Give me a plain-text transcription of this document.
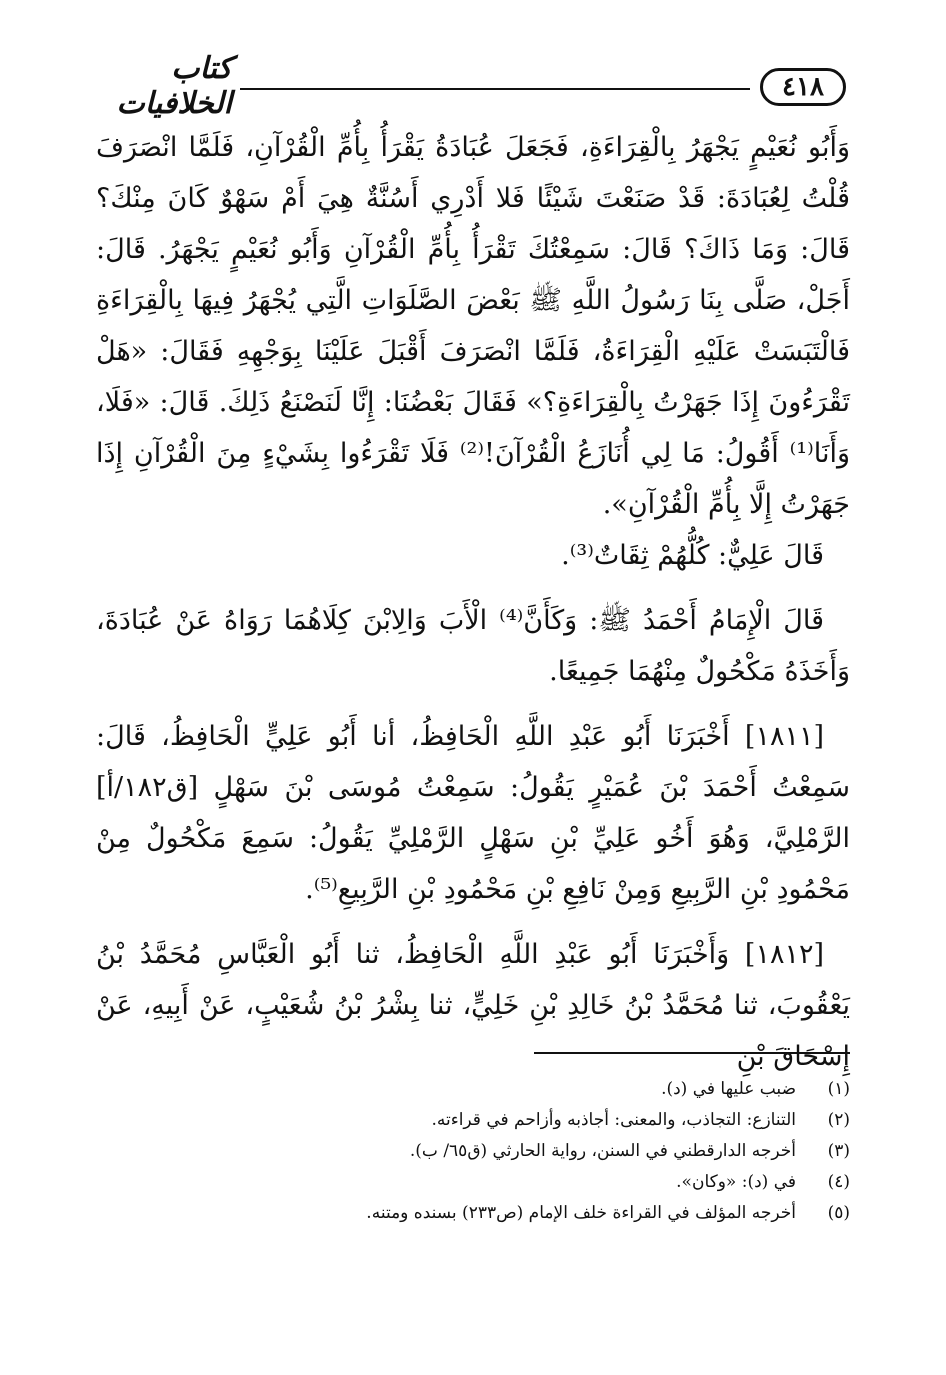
٤١٨
كتاب الخلافيات

وَأَبُو نُعَيْمٍ يَجْهَرُ بِالْقِرَاءَةِ، فَجَعَلَ عُبَادَةُ يَقْرَأُ بِأُمِّ الْقُرْآنِ، فَلَمَّا انْصَرَفَ قُلْتُ لِعُبَادَةَ: قَدْ صَنَعْتَ شَيْئًا فَلا أَدْرِي أَسُنَّةٌ هِيَ أَمْ سَهْوٌ كَانَ مِنْكَ؟ قَالَ: وَمَا ذَاكَ؟ قَالَ: سَمِعْتُكَ تَقْرَأُ بِأُمِّ الْقُرْآنِ وَأَبُو نُعَيْمٍ يَجْهَرُ. قَالَ: أَجَلْ، صَلَّى بِنَا رَسُولُ اللَّهِ ﷺ بَعْضَ الصَّلَوَاتِ الَّتِي يُجْهَرُ فِيهَا بِالْقِرَاءَةِ فَالْتَبَسَتْ عَلَيْهِ الْقِرَاءَةُ، فَلَمَّا انْصَرَفَ أَقْبَلَ عَلَيْنَا بِوَجْهِهِ فَقَالَ: «هَلْ تَقْرَءُونَ إِذَا جَهَرْتُ بِالْقِرَاءَةِ؟» فَقَالَ بَعْضُنَا: إِنَّا لَنَصْنَعُ ذَلِكَ. قَالَ: «فَلَا، وَأَنَا⁽¹⁾ أَقُولُ: مَا لِي أُنَازَعُ الْقُرْآنَ!⁽²⁾ فَلَا تَقْرَءُوا بِشَيْءٍ مِنَ الْقُرْآنِ إِذَا جَهَرْتُ إِلَّا بِأُمِّ الْقُرْآنِ».

قَالَ عَلِيٌّ: كُلُّهُمْ ثِقَاتٌ⁽³⁾.

قَالَ الْإِمَامُ أَحْمَدُ ﷺ: وَكَأَنَّ⁽⁴⁾ الْأَبَ وَالِابْنَ كِلَاهُمَا رَوَاهُ عَنْ عُبَادَةَ، وَأَخَذَهُ مَكْحُولٌ مِنْهُمَا جَمِيعًا.

[١٨١١] أَخْبَرَنَا أَبُو عَبْدِ اللَّهِ الْحَافِظُ، أنا أَبُو عَلِيٍّ الْحَافِظُ، قَالَ: سَمِعْتُ أَحْمَدَ بْنَ عُمَيْرٍ يَقُولُ: سَمِعْتُ مُوسَى بْنَ سَهْلٍ [ق١٨٢/أ] الرَّمْلِيَّ، وَهُوَ أَخُو عَلِيِّ بْنِ سَهْلٍ الرَّمْلِيِّ يَقُولُ: سَمِعَ مَكْحُولٌ مِنْ مَحْمُودِ بْنِ الرَّبِيعِ وَمِنْ نَافِعِ بْنِ مَحْمُودِ بْنِ الرَّبِيعِ⁽⁵⁾.

[١٨١٢] وَأَخْبَرَنَا أَبُو عَبْدِ اللَّهِ الْحَافِظُ، ثنا أَبُو الْعَبَّاسِ مُحَمَّدُ بْنُ يَعْقُوبَ، ثنا مُحَمَّدُ بْنُ خَالِدِ بْنِ خَلِيٍّ، ثنا بِشْرُ بْنُ شُعَيْبٍ، عَنْ أَبِيهِ، عَنْ إِسْحَاقَ بْنِ

(١)
ضبب عليها في (د).
(٢)
التنازع: التجاذب، والمعنى: أجاذبه وأزاحم في قراءته.
(٣)
أخرجه الدارقطني في السنن، رواية الحارثي (ق٦٥/ ب).
(٤)
في (د): «وكان».
(٥)
أخرجه المؤلف في القراءة خلف الإمام (ص٢٣٣) بسنده ومتنه.
